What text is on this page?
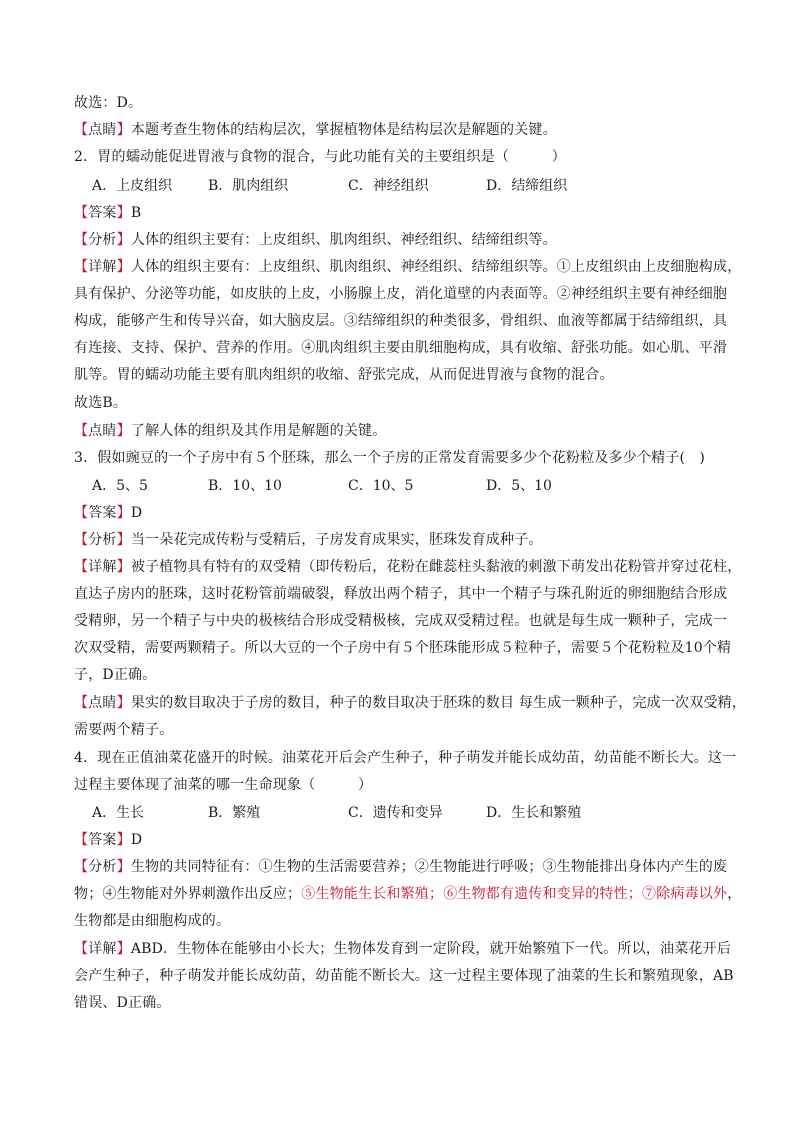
故选：D。
【点睛】本题考查生物体的结构层次，掌握植物体是结构层次是解题的关键。
2．胃的蠕动能促进胃液与食物的混合，与此功能有关的主要组织是（　　　）
A．上皮组织	B．肌肉组织	C．神经组织	D．结缔组织
【答案】B
【分析】人体的组织主要有：上皮组织、肌肉组织、神经组织、结缔组织等。
【详解】人体的组织主要有：上皮组织、肌肉组织、神经组织、结缔组织等。①上皮组织由上皮细胞构成，
具有保护、分泌等功能，如皮肤的上皮，小肠腺上皮，消化道壁的内表面等。②神经组织主要有神经细胞
构成，能够产生和传导兴奋，如大脑皮层。③结缔组织的种类很多，骨组织、血液等都属于结缔组织，具
有连接、支持、保护、营养的作用。④肌肉组织主要由肌细胞构成，具有收缩、舒张功能。如心肌、平滑
肌等。胃的蠕动功能主要有肌肉组织的收缩、舒张完成，从而促进胃液与食物的混合。
故选B。
【点睛】了解人体的组织及其作用是解题的关键。
3．假如豌豆的一个子房中有５个胚珠，那么一个子房的正常发育需要多少个花粉粒及多少个精子(　)
A．5、5	B．10、10	C．10、5	D．5、10
【答案】D
【分析】当一朵花完成传粉与受精后，子房发育成果实，胚珠发育成种子。
【详解】被子植物具有特有的双受精（即传粉后，花粉在雌蕊柱头黏液的刺激下萌发出花粉管并穿过花柱，
直达子房内的胚珠，这时花粉管前端破裂，释放出两个精子，其中一个精子与珠孔附近的卵细胞结合形成
受精卵，另一个精子与中央的极核结合形成受精极核，完成双受精过程。也就是每生成一颗种子，完成一
次双受精，需要两颗精子。所以大豆的一个子房中有５个胚珠能形成５粒种子，需要５个花粉粒及10个精
子，D正确。
【点睛】果实的数目取决于子房的数目，种子的数目取决于胚珠的数目 每生成一颗种子，完成一次双受精，
需要两个精子。
4．现在正值油菜花盛开的时候。油菜花开后会产生种子，种子萌发并能长成幼苗，幼苗能不断长大。这一
过程主要体现了油菜的哪一生命现象（　　　）
A．生长	B．繁殖	C．遗传和变异	D．生长和繁殖
【答案】D
【分析】生物的共同特征有：①生物的生活需要营养；②生物能进行呼吸；③生物能排出身体内产生的废
物；④生物能对外界刺激作出反应；⑤生物能生长和繁殖；⑥生物都有遗传和变异的特性；⑦除病毒以外，
生物都是由细胞构成的。
【详解】ABD．生物体在能够由小长大；生物体发育到一定阶段，就开始繁殖下一代。所以，油菜花开后
会产生种子，种子萌发并能长成幼苗，幼苗能不断长大。这一过程主要体现了油菜的生长和繁殖现象，AB
错误、D正确。
